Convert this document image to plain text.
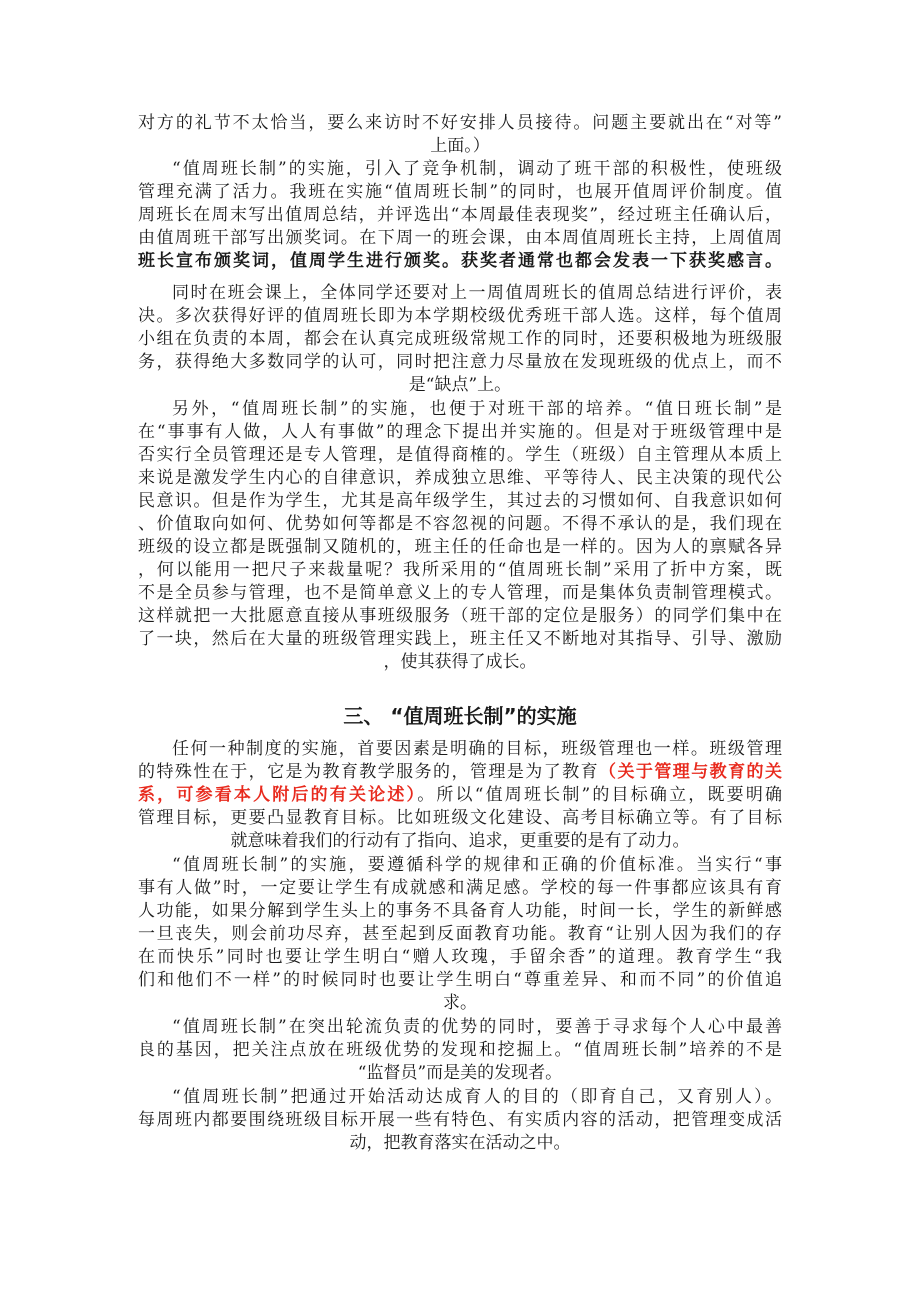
对方的礼节不太恰当，要么来访时不好安排人员接待。问题主要就出在“对等”
上面。）
“值周班长制”的实施，引入了竞争机制，调动了班干部的积极性，使班级
管理充满了活力。我班在实施“值周班长制”的同时，也展开值周评价制度。值
周班长在周末写出值周总结，并评选出“本周最佳表现奖”，经过班主任确认后，
由值周班干部写出颁奖词。在下周一的班会课，由本周值周班长主持，上周值周
班长宣布颁奖词，值周学生进行颁奖。获奖者通常也都会发表一下获奖感言。
同时在班会课上，全体同学还要对上一周值周班长的值周总结进行评价，表
决。多次获得好评的值周班长即为本学期校级优秀班干部人选。这样，每个值周
小组在负责的本周，都会在认真完成班级常规工作的同时，还要积极地为班级服
务，获得绝大多数同学的认可，同时把注意力尽量放在发现班级的优点上，而不
是“缺点”上。
另外，“值周班长制”的实施，也便于对班干部的培养。“值日班长制”是
在“事事有人做，人人有事做”的理念下提出并实施的。但是对于班级管理中是
否实行全员管理还是专人管理，是值得商榷的。学生（班级）自主管理从本质上
来说是激发学生内心的自律意识，养成独立思维、平等待人、民主决策的现代公
民意识。但是作为学生，尤其是高年级学生，其过去的习惯如何、自我意识如何
、价值取向如何、优势如何等都是不容忽视的问题。不得不承认的是，我们现在
班级的设立都是既强制又随机的，班主任的任命也是一样的。因为人的禀赋各异
，何以能用一把尺子来裁量呢？我所采用的“值周班长制”采用了折中方案，既
不是全员参与管理，也不是简单意义上的专人管理，而是集体负责制管理模式。
这样就把一大批愿意直接从事班级服务（班干部的定位是服务）的同学们集中在
了一块，然后在大量的班级管理实践上，班主任又不断地对其指导、引导、激励
，使其获得了成长。
三、 “值周班长制”的实施
任何一种制度的实施，首要因素是明确的目标，班级管理也一样。班级管理
的特殊性在于，它是为教育教学服务的，管理是为了教育（关于管理与教育的关
系，可参看本人附后的有关论述）。所以“值周班长制”的目标确立，既要明确
管理目标，更要凸显教育目标。比如班级文化建设、高考目标确立等。有了目标
就意味着我们的行动有了指向、追求，更重要的是有了动力。
“值周班长制”的实施，要遵循科学的规律和正确的价值标准。当实行“事
事有人做”时，一定要让学生有成就感和满足感。学校的每一件事都应该具有育
人功能，如果分解到学生头上的事务不具备育人功能，时间一长，学生的新鲜感
一旦丧失，则会前功尽弃，甚至起到反面教育功能。教育“让别人因为我们的存
在而快乐”同时也要让学生明白“赠人玫瑰，手留余香”的道理。教育学生“我
们和他们不一样”的时候同时也要让学生明白“尊重差异、和而不同”的价值追
求。
“值周班长制”在突出轮流负责的优势的同时，要善于寻求每个人心中最善
良的基因，把关注点放在班级优势的发现和挖掘上。“值周班长制”培养的不是
“监督员”而是美的发现者。
“值周班长制”把通过开始活动达成育人的目的（即育自己，又育别人）。
每周班内都要围绕班级目标开展一些有特色、有实质内容的活动，把管理变成活
动，把教育落实在活动之中。
